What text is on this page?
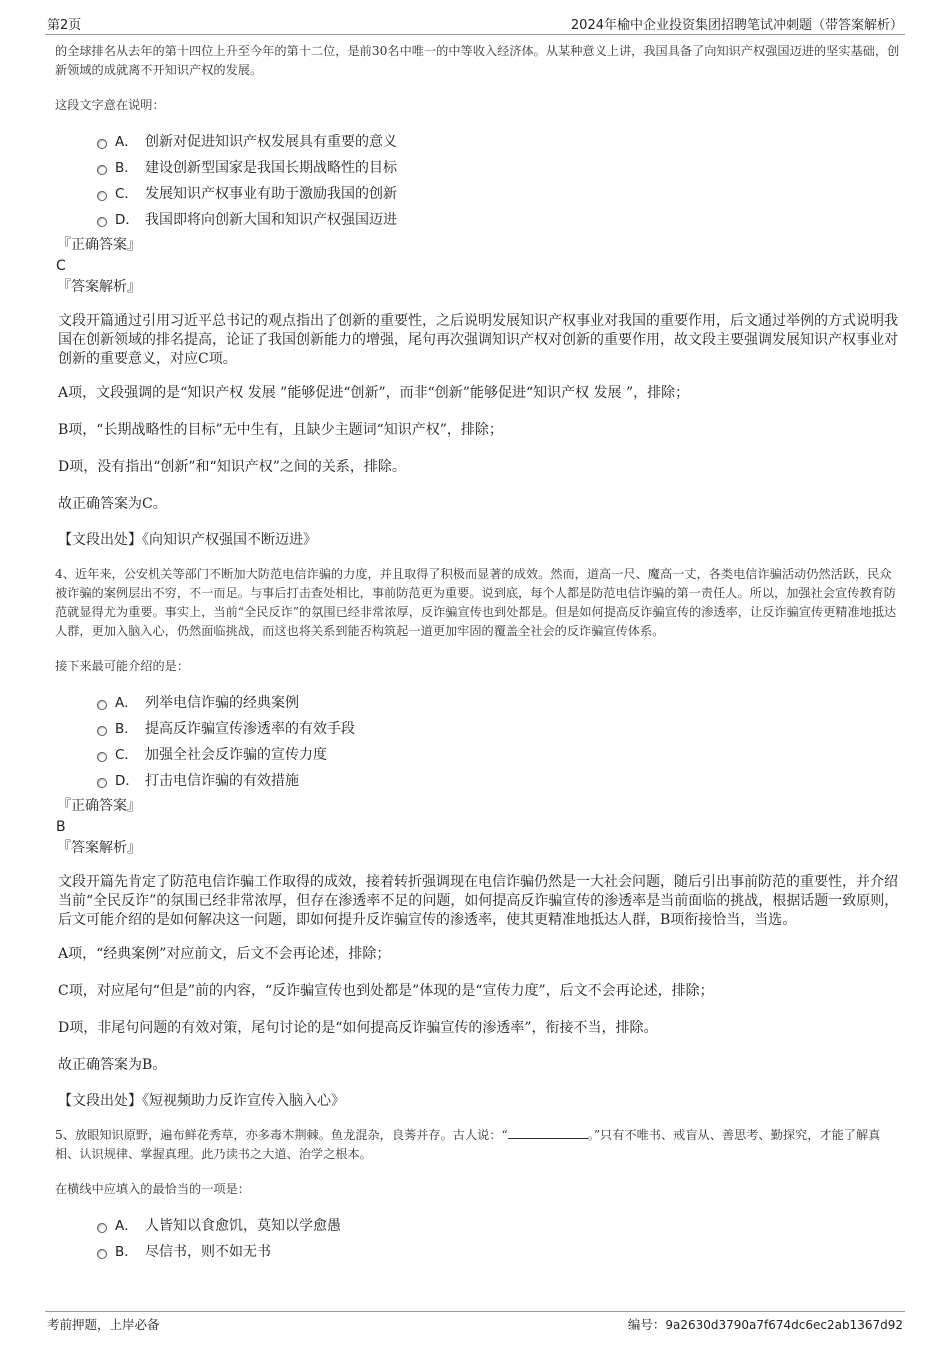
第2页	2024年榆中企业投资集团招聘笔试冲刺题（带答案解析）

的全球排名从去年的第十四位上升至今年的第十二位，是前30名中唯一的中等收入经济体。从某种意义上讲，我国具备了向知识产权强国迈进的坚实基础，创新领域的成就离不开知识产权的发展。

这段文字意在说明：

A． 创新对促进知识产权发展具有重要的意义
B． 建设创新型国家是我国长期战略性的目标
C． 发展知识产权事业有助于激励我国的创新
D． 我国即将向创新大国和知识产权强国迈进

『正确答案』

C

『答案解析』

文段开篇通过引用习近平总书记的观点指出了创新的重要性，之后说明发展知识产权事业对我国的重要作用，后文通过举例的方式说明我国在创新领域的排名提高，论证了我国创新能力的增强，尾句再次强调知识产权对创新的重要作用，故文段主要强调发展知识产权事业对创新的重要意义，对应C项。

A项，文段强调的是“知识产权 发展 ”能够促进“创新”，而非“创新”能够促进“知识产权 发展 ”，排除；

B项，“长期战略性的目标”无中生有，且缺少主题词“知识产权”，排除；

D项，没有指出“创新”和“知识产权”之间的关系，排除。

故正确答案为C。

【文段出处】《向知识产权强国不断迈进》

4、近年来，公安机关等部门不断加大防范电信诈骗的力度，并且取得了积极而显著的成效。然而，道高一尺、魔高一丈，各类电信诈骗活动仍然活跃，民众被诈骗的案例层出不穷，不一而足。与事后打击查处相比，事前防范更为重要。说到底，每个人都是防范电信诈骗的第一责任人。所以，加强社会宣传教育防范就显得尤为重要。事实上，当前“全民反诈”的氛围已经非常浓厚，反诈骗宣传也到处都是。但是如何提高反诈骗宣传的渗透率，让反诈骗宣传更精准地抵达人群，更加入脑入心，仍然面临挑战，而这也将关系到能否构筑起一道更加牢固的覆盖全社会的反诈骗宣传体系。

接下来最可能介绍的是：

A． 列举电信诈骗的经典案例
B． 提高反诈骗宣传渗透率的有效手段
C． 加强全社会反诈骗的宣传力度
D． 打击电信诈骗的有效措施

『正确答案』

B

『答案解析』

文段开篇先肯定了防范电信诈骗工作取得的成效，接着转折强调现在电信诈骗仍然是一大社会问题，随后引出事前防范的重要性，并介绍当前“全民反诈”的氛围已经非常浓厚，但存在渗透率不足的问题，如何提高反诈骗宣传的渗透率是当前面临的挑战，根据话题一致原则，后文可能介绍的是如何解决这一问题，即如何提升反诈骗宣传的渗透率，使其更精准地抵达人群，B项衔接恰当，当选。

A项，“经典案例”对应前文，后文不会再论述，排除；

C项，对应尾句“但是”前的内容，“反诈骗宣传也到处都是”体现的是“宣传力度”，后文不会再论述，排除；

D项，非尾句问题的有效对策，尾句讨论的是“如何提高反诈骗宣传的渗透率”，衔接不当，排除。

故正确答案为B。

【文段出处】《短视频助力反诈宣传入脑入心》

5、放眼知识原野，遍布鲜花秀草，亦多毒木荆棘。鱼龙混杂，良莠并存。古人说：“	。”只有不唯书、戒盲从、善思考、勤探究，才能了解真相、认识规律、掌握真理。此乃读书之大道、治学之根本。

在横线中应填入的最恰当的一项是：

A． 人皆知以食愈饥，莫知以学愈愚
B． 尽信书，则不如无书
考前押题，上岸必备	编号：9a2630d3790a7f674dc6ec2ab1367d92
